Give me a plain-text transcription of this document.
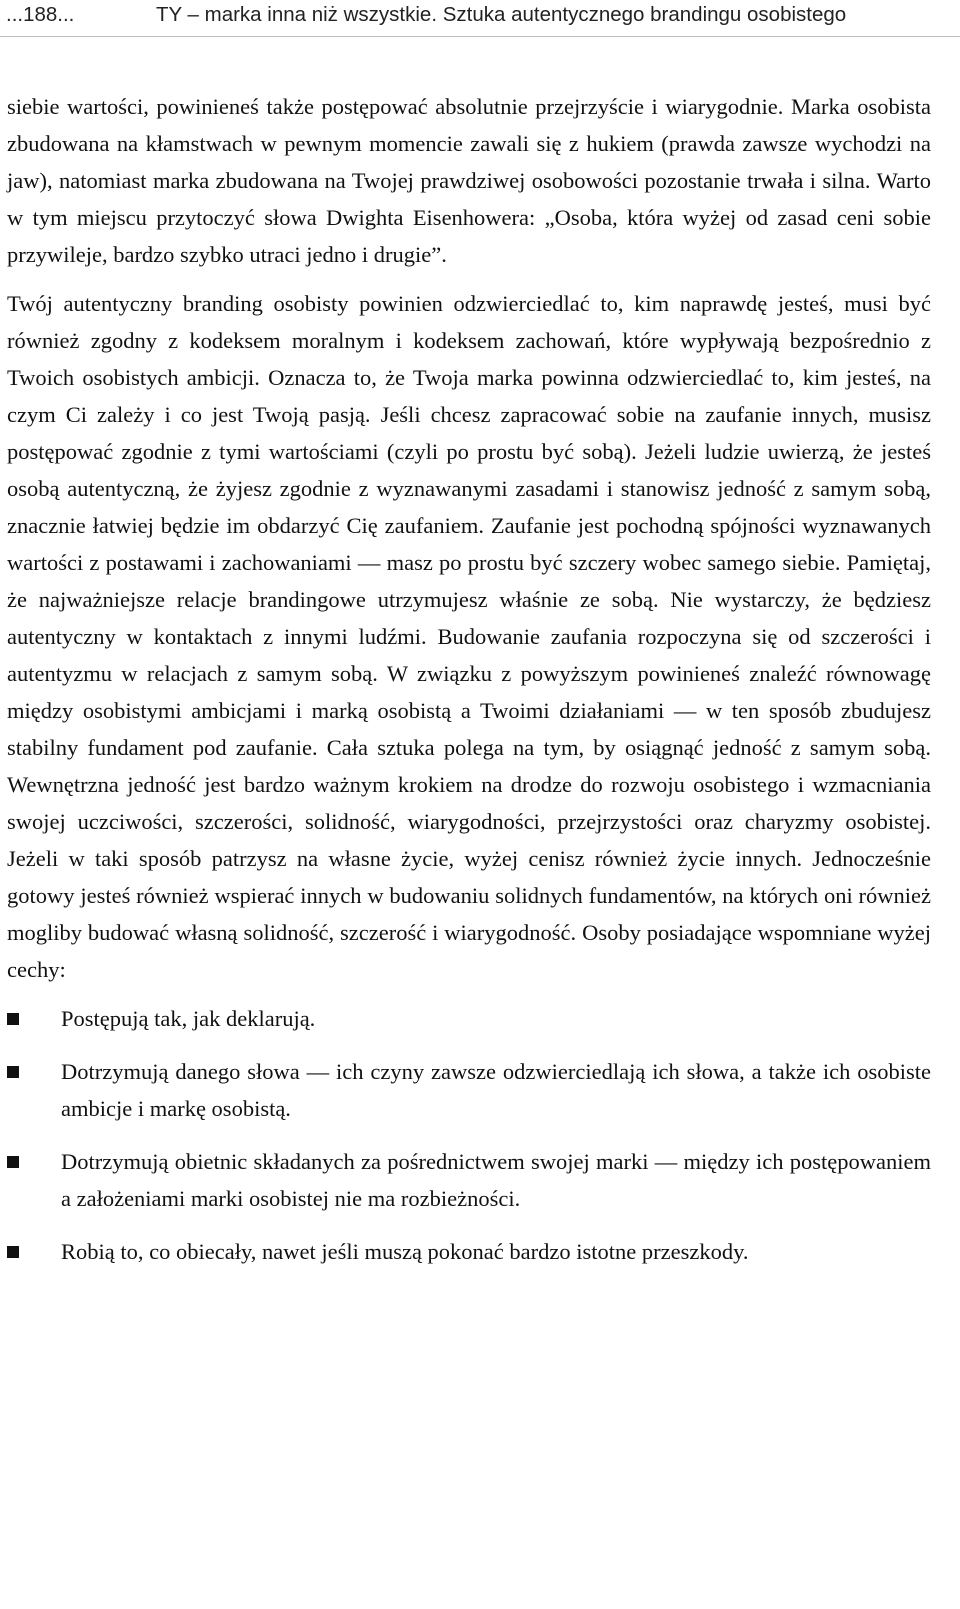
...188...	TY – marka inna niż wszystkie. Sztuka autentycznego brandingu osobistego

siebie wartości, powinieneś także postępować absolutnie przejrzyście i wiarygodnie. Marka osobista zbudowana na kłamstwach w pewnym momencie zawali się z hukiem (prawda zawsze wychodzi na jaw), natomiast marka zbudowana na Twojej prawdziwej osobowości pozostanie trwała i silna. Warto w tym miejscu przytoczyć słowa Dwighta Eisenhowera: „Osoba, która wyżej od zasad ceni sobie przywileje, bardzo szybko utraci jedno i drugie”.

Twój autentyczny branding osobisty powinien odzwierciedlać to, kim naprawdę jesteś, musi być również zgodny z kodeksem moralnym i kodeksem zachowań, które wypływają bezpośrednio z Twoich osobistych ambicji. Oznacza to, że Twoja marka powinna odzwierciedlać to, kim jesteś, na czym Ci zależy i co jest Twoją pasją. Jeśli chcesz zapracować sobie na zaufanie innych, musisz postępować zgodnie z tymi wartościami (czyli po prostu być sobą). Jeżeli ludzie uwierzą, że jesteś osobą autentyczną, że żyjesz zgodnie z wyznawanymi zasadami i stanowisz jedność z samym sobą, znacznie łatwiej będzie im obdarzyć Cię zaufaniem. Zaufanie jest pochodną spójności wyznawanych wartości z postawami i zachowaniami — masz po prostu być szczery wobec samego siebie. Pamiętaj, że najważniejsze relacje brandingowe utrzymujesz właśnie ze sobą. Nie wystarczy, że będziesz autentyczny w kontaktach z innymi ludźmi. Budowanie zaufania rozpoczyna się od szczerości i autentyzmu w relacjach z samym sobą. W związku z powyższym powinieneś znaleźć równowagę między osobistymi ambicjami i marką osobistą a Twoimi działaniami — w ten sposób zbudujesz stabilny fundament pod zaufanie. Cała sztuka polega na tym, by osiągnąć jedność z samym sobą. Wewnętrzna jedność jest bardzo ważnym krokiem na drodze do rozwoju osobistego i wzmacniania swojej uczciwości, szczerości, solidność, wiarygodności, przejrzystości oraz charyzmy osobistej. Jeżeli w taki sposób patrzysz na własne życie, wyżej cenisz również życie innych. Jednocześnie gotowy jesteś również wspierać innych w budowaniu solidnych fundamentów, na których oni również mogliby budować własną solidność, szczerość i wiarygodność. Osoby posiadające wspomniane wyżej cechy:

Postępują tak, jak deklarują.
Dotrzymują danego słowa — ich czyny zawsze odzwierciedlają ich słowa, a także ich osobiste ambicje i markę osobistą.
Dotrzymują obietnic składanych za pośrednictwem swojej marki — między ich postępowaniem a założeniami marki osobistej nie ma rozbieżności.
Robią to, co obiecały, nawet jeśli muszą pokonać bardzo istotne przeszkody.
